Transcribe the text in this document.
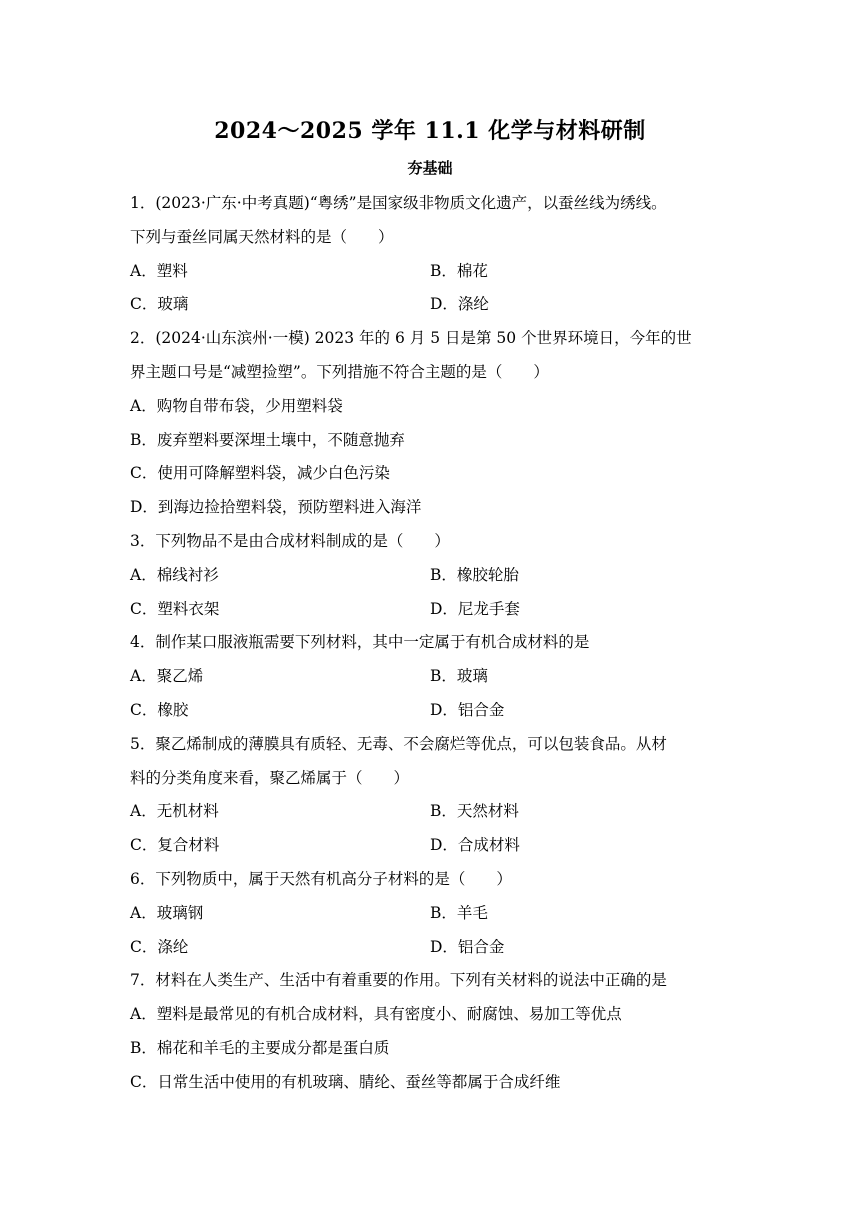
2024～2025 学年 11.1 化学与材料研制
夯基础
1．(2023·广东·中考真题)“粤绣”是国家级非物质文化遗产，以蚕丝线为绣线。
下列与蚕丝同属天然材料的是（　　）
A．塑料	B．棉花
C．玻璃	D．涤纶
2．(2024·山东滨州·一模) 2023 年的 6 月 5 日是第 50 个世界环境日，今年的世
界主题口号是“减塑捡塑”。下列措施不符合主题的是（　　）
A．购物自带布袋，少用塑料袋
B．废弃塑料要深埋土壤中，不随意抛弃
C．使用可降解塑料袋，减少白色污染
D．到海边捡拾塑料袋，预防塑料进入海洋
3．下列物品不是由合成材料制成的是（　　）
A．棉线衬衫	B．橡胶轮胎
C．塑料衣架	D．尼龙手套
4．制作某口服液瓶需要下列材料，其中一定属于有机合成材料的是
A．聚乙烯	B．玻璃
C．橡胶	D．铝合金
5．聚乙烯制成的薄膜具有质轻、无毒、不会腐烂等优点，可以包装食品。从材
料的分类角度来看，聚乙烯属于（　　）
A．无机材料	B．天然材料
C．复合材料	D．合成材料
6．下列物质中，属于天然有机高分子材料的是（　　）
A．玻璃钢	B．羊毛
C．涤纶	D．铝合金
7．材料在人类生产、生活中有着重要的作用。下列有关材料的说法中正确的是
A．塑料是最常见的有机合成材料，具有密度小、耐腐蚀、易加工等优点
B．棉花和羊毛的主要成分都是蛋白质
C．日常生活中使用的有机玻璃、腈纶、蚕丝等都属于合成纤维
